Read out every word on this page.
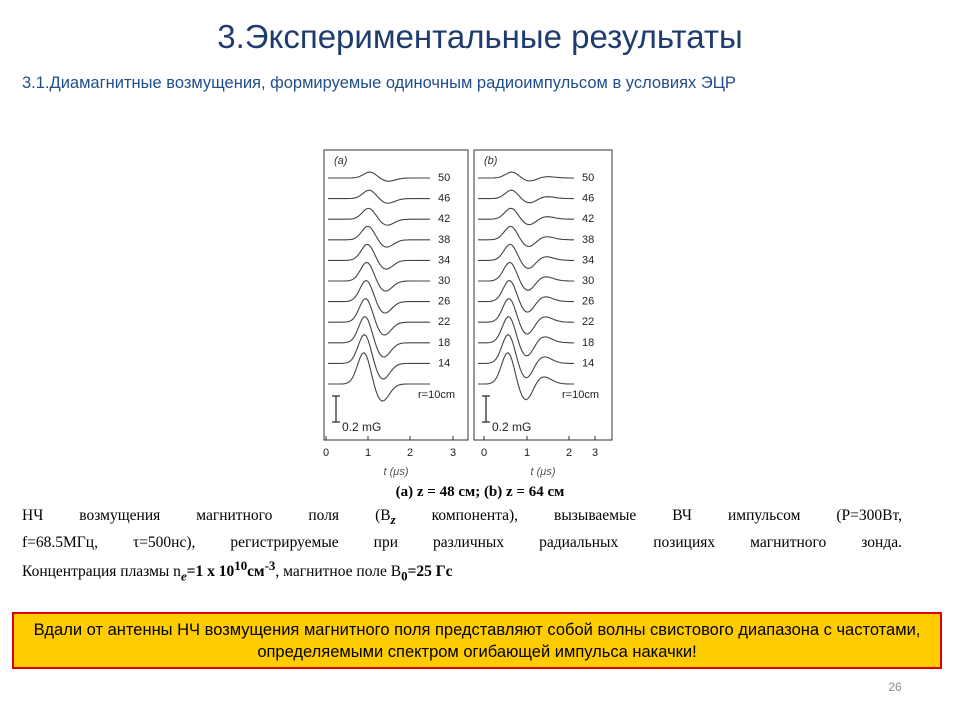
3.Экспериментальные результаты
3.1.Диамагнитные возмущения, формируемые одиночным радиоимпульсом в условиях ЭЦР
(a)
50
46
42
38
34
30
26
22
18
14
r=10cm
0.2 mG
0	1	2	3
t (μs)
(b)
50
46
42
38
34
30
26
22
18
14
r=10cm
0.2 mG
0	1	2 3
t (μs)
(a) z = 48 см; (b) z = 64 см
НЧ возмущения магнитного поля ($B_z$ компонента), вызываемые ВЧ импульсом (P=300Вт,
f=68.5МГц, τ=500нс), регистрируемые при различных радиальных позициях магнитного зонда.
Концентрация плазмы $n_e=1$ x $10^{10}см^{-3}$, магнитное поле $B_0=25$ Гс
Вдали от антенны НЧ возмущения магнитного поля представляют собой волны свистового диапазона с частотами, определяемыми спектром огибающей импульса накачки!
26
